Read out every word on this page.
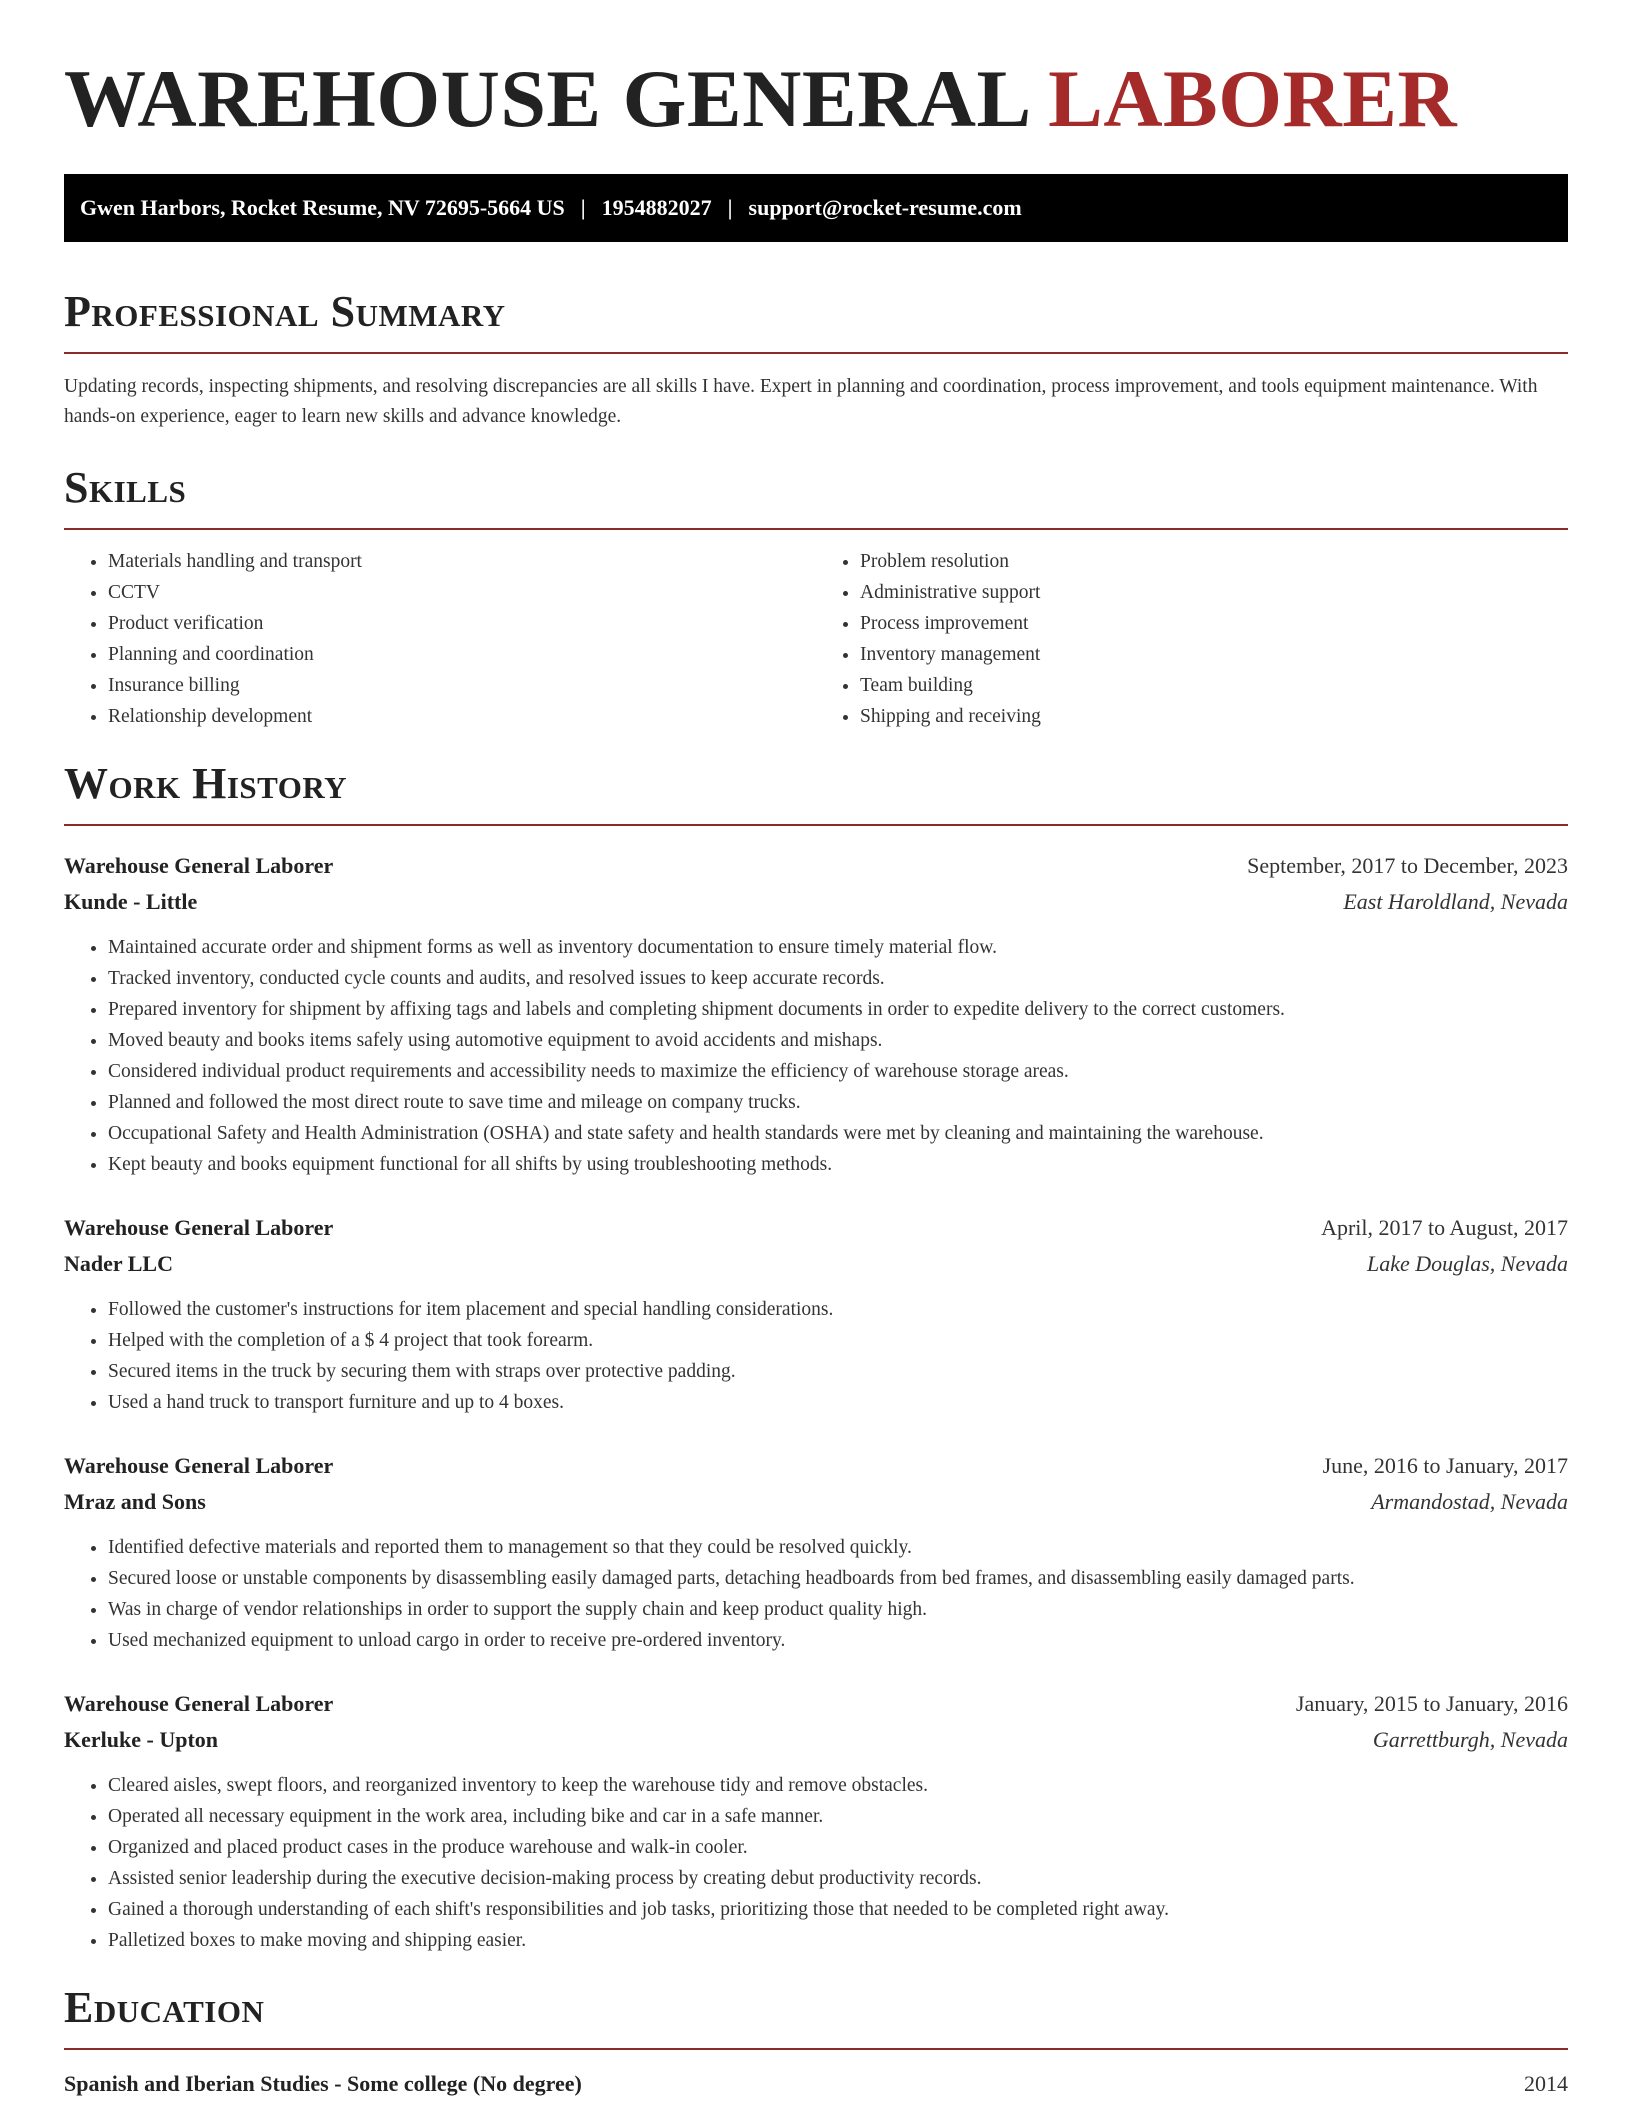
WAREHOUSE GENERAL LABORER
Gwen Harbors, Rocket Resume, NV 72695-5664 US | 1954882027 | support@rocket-resume.com
Professional Summary
Updating records, inspecting shipments, and resolving discrepancies are all skills I have. Expert in planning and coordination, process improvement, and tools equipment maintenance. With hands-on experience, eager to learn new skills and advance knowledge.
Skills
• Materials handling and transport
• CCTV
• Product verification
• Planning and coordination
• Insurance billing
• Relationship development
• Problem resolution
• Administrative support
• Process improvement
• Inventory management
• Team building
• Shipping and receiving
Work History
Warehouse General Laborer	September, 2017 to December, 2023
Kunde - Little	East Haroldland, Nevada
• Maintained accurate order and shipment forms as well as inventory documentation to ensure timely material flow.
• Tracked inventory, conducted cycle counts and audits, and resolved issues to keep accurate records.
• Prepared inventory for shipment by affixing tags and labels and completing shipment documents in order to expedite delivery to the correct customers.
• Moved beauty and books items safely using automotive equipment to avoid accidents and mishaps.
• Considered individual product requirements and accessibility needs to maximize the efficiency of warehouse storage areas.
• Planned and followed the most direct route to save time and mileage on company trucks.
• Occupational Safety and Health Administration (OSHA) and state safety and health standards were met by cleaning and maintaining the warehouse.
• Kept beauty and books equipment functional for all shifts by using troubleshooting methods.
Warehouse General Laborer	April, 2017 to August, 2017
Nader LLC	Lake Douglas, Nevada
• Followed the customer's instructions for item placement and special handling considerations.
• Helped with the completion of a $ 4 project that took forearm.
• Secured items in the truck by securing them with straps over protective padding.
• Used a hand truck to transport furniture and up to 4 boxes.
Warehouse General Laborer	June, 2016 to January, 2017
Mraz and Sons	Armandostad, Nevada
• Identified defective materials and reported them to management so that they could be resolved quickly.
• Secured loose or unstable components by disassembling easily damaged parts, detaching headboards from bed frames, and disassembling easily damaged parts.
• Was in charge of vendor relationships in order to support the supply chain and keep product quality high.
• Used mechanized equipment to unload cargo in order to receive pre-ordered inventory.
Warehouse General Laborer	January, 2015 to January, 2016
Kerluke - Upton	Garrettburgh, Nevada
• Cleared aisles, swept floors, and reorganized inventory to keep the warehouse tidy and remove obstacles.
• Operated all necessary equipment in the work area, including bike and car in a safe manner.
• Organized and placed product cases in the produce warehouse and walk-in cooler.
• Assisted senior leadership during the executive decision-making process by creating debut productivity records.
• Gained a thorough understanding of each shift's responsibilities and job tasks, prioritizing those that needed to be completed right away.
• Palletized boxes to make moving and shipping easier.
Education
Spanish and Iberian Studies - Some college (No degree)	2014
